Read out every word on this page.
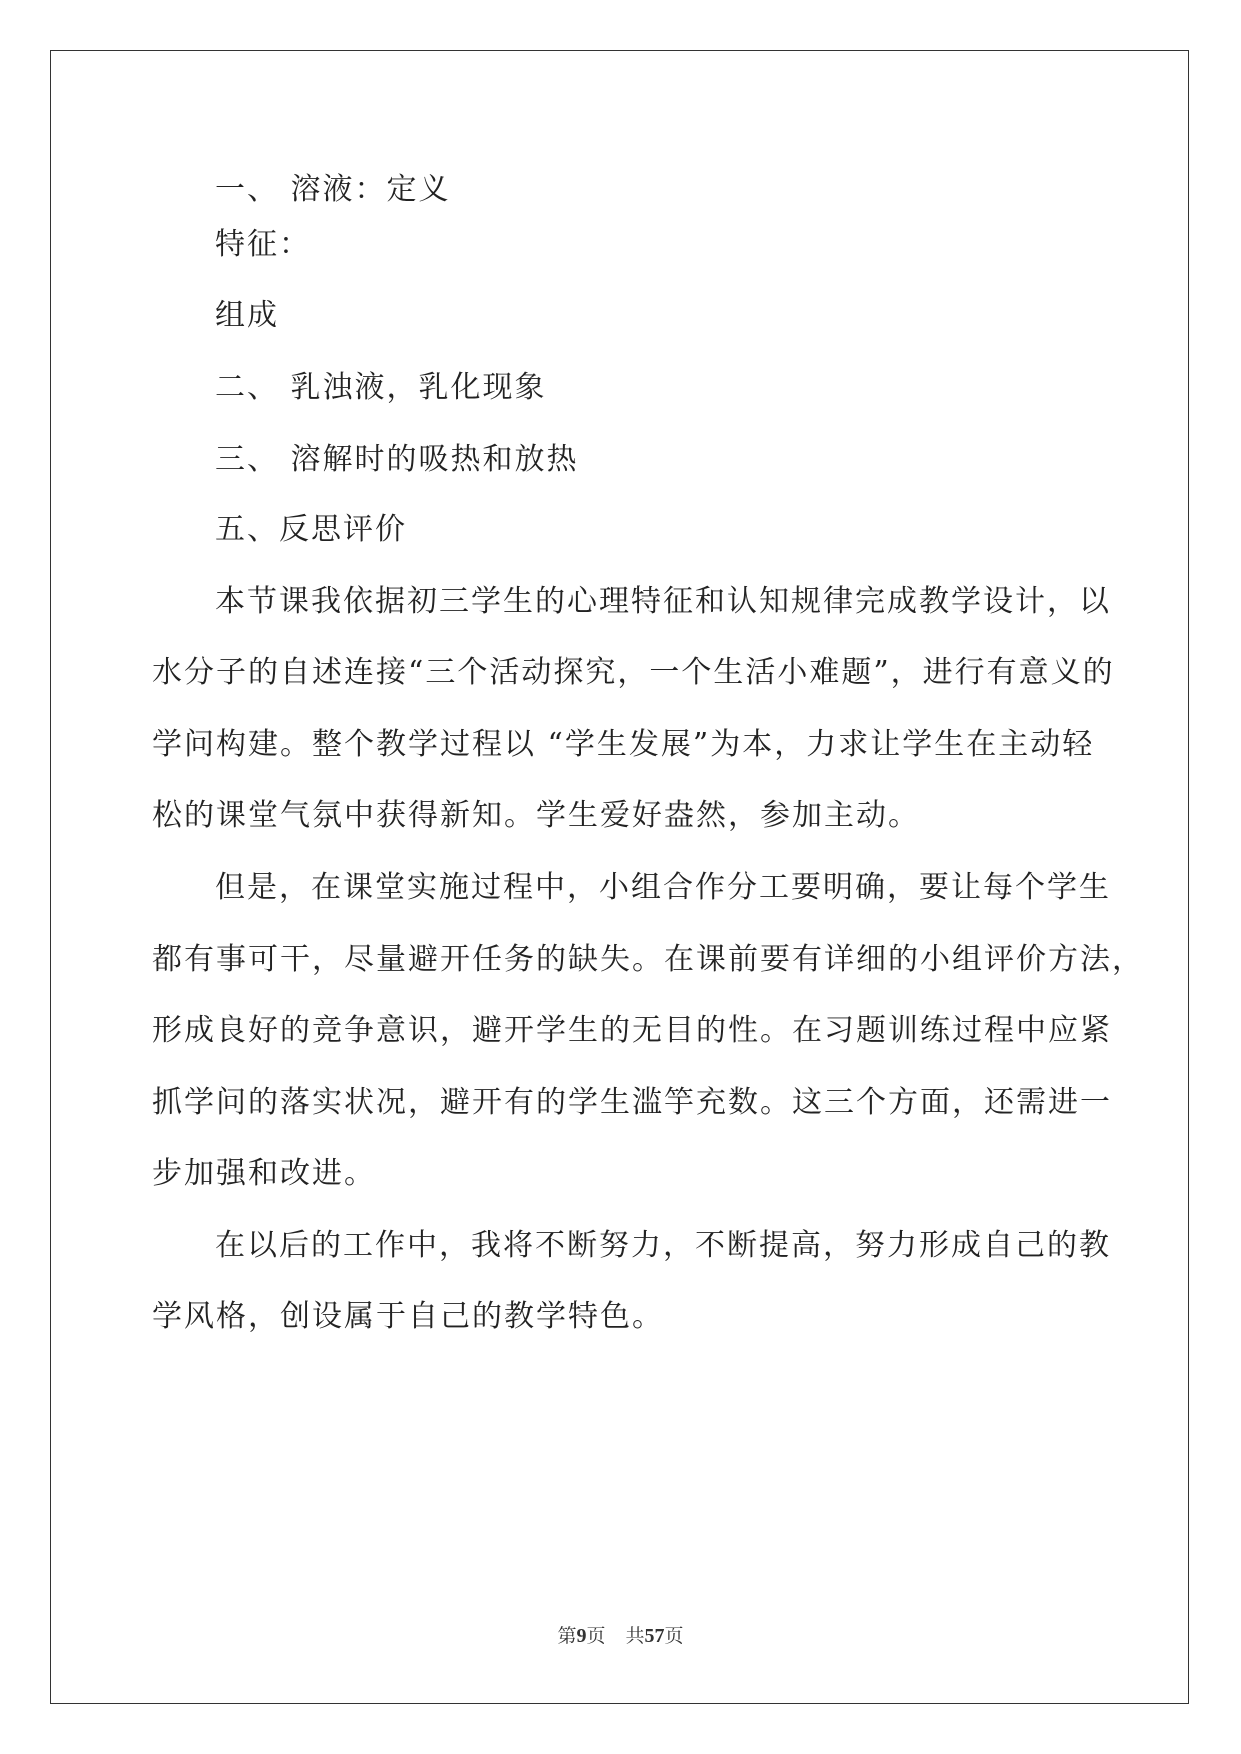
一、 溶液：定义
特征：
组成
二、 乳浊液，乳化现象
三、 溶解时的吸热和放热
五、反思评价
本节课我依据初三学生的心理特征和认知规律完成教学设计，以
水分子的自述连接“三个活动探究，一个生活小难题”，进行有意义的
学问构建。整个教学过程以 “学生发展”为本，力求让学生在主动轻
松的课堂气氛中获得新知。学生爱好盎然，参加主动。
但是，在课堂实施过程中，小组合作分工要明确，要让每个学生
都有事可干，尽量避开任务的缺失。在课前要有详细的小组评价方法，
形成良好的竞争意识，避开学生的无目的性。在习题训练过程中应紧
抓学问的落实状况，避开有的学生滥竽充数。这三个方面，还需进一
步加强和改进。
在以后的工作中，我将不断努力，不断提高，努力形成自己的教
学风格，创设属于自己的教学特色。
第9页 共57页
